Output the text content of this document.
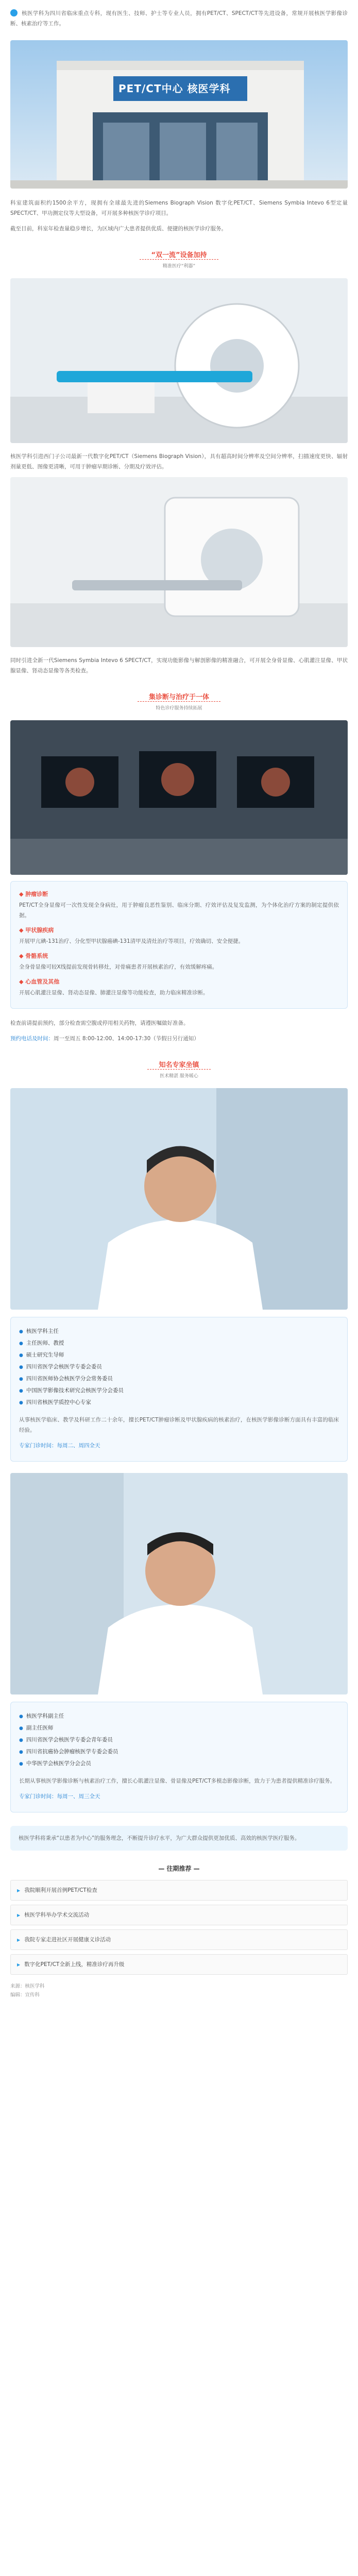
核医学科为四川省临床重点专科，现有医生、技师、护士等专业人员，拥有PET/CT、SPECT/CT等先进设备，常规开展核医学影像诊断、核素治疗等工作。

PET/CT中心 核医学科

科室建筑面积约1500余平方，现拥有全球最先进的Siemens Biograph Vision 数字化PET/CT、Siemens Symbia Intevo 6型定量SPECT/CT、甲功测定仪等大型设备，可开展多种核医学诊疗项目。

截至目前，科室年检查量稳步增长，为区域内广大患者提供优质、便捷的核医学诊疗服务。

“双一流”设备加持
精准医疗“利器”

核医学科引进西门子公司最新一代数字化PET/CT（Siemens Biograph Vision），具有超高时间分辨率及空间分辨率，扫描速度更快、辐射剂量更低、图像更清晰，可用于肿瘤早期诊断、分期及疗效评估。

同时引进全新一代Siemens Symbia Intevo 6 SPECT/CT，实现功能影像与解剖影像的精准融合，可开展全身骨显像、心肌灌注显像、甲状腺显像、肾动态显像等各类检查。

集诊断与治疗于一体
特色诊疗服务持续拓展
◆ 肿瘤诊断

PET/CT全身显像可一次性发现全身病灶，用于肿瘤良恶性鉴别、临床分期、疗效评估及复发监测，为个体化治疗方案的制定提供依据。

◆ 甲状腺疾病

开展甲亢碘-131治疗、分化型甲状腺癌碘-131清甲及清灶治疗等项目，疗效确切、安全便捷。

◆ 骨骼系统

全身骨显像可较X线提前发现骨转移灶，对骨痛患者开展核素治疗，有效缓解疼痛。

◆ 心血管及其他

开展心肌灌注显像、肾动态显像、肺灌注显像等功能检查，助力临床精准诊断。

检查前请提前预约，部分检查需空腹或停用相关药物，请遵医嘱做好准备。

预约电话及时间：周一至周五 8:00-12:00、14:00-17:30（节假日另行通知）

知名专家坐镇
医术精湛 服务暖心
● 核医学科主任
● 主任医师、教授
● 硕士研究生导师
● 四川省医学会核医学专委会委员
● 四川省医师协会核医学分会常务委员
● 中国医学影像技术研究会核医学分会委员
● 四川省核医学质控中心专家

从事核医学临床、教学及科研工作二十余年，擅长PET/CT肿瘤诊断及甲状腺疾病的核素治疗，在核医学影像诊断方面具有丰富的临床经验。

专家门诊时间：每周二、周四全天

● 核医学科副主任
● 副主任医师
● 四川省医学会核医学专委会青年委员
● 四川省抗癌协会肿瘤核医学专委会委员
● 中华医学会核医学分会会员

长期从事核医学影像诊断与核素治疗工作，擅长心肌灌注显像、骨显像及PET/CT多模态影像诊断，致力于为患者提供精准诊疗服务。

专家门诊时间：每周一、周三全天

核医学科将秉承“以患者为中心”的服务理念，不断提升诊疗水平，为广大群众提供更加优质、高效的核医学医疗服务。

— 往期推荐 —
▶ 我院顺利开展首例PET/CT检查
▶ 核医学科举办学术交流活动
▶ 我院专家走进社区开展健康义诊活动
▶ 数字化PET/CT全新上线，精准诊疗再升级
来源：核医学科
编辑：宣传科
